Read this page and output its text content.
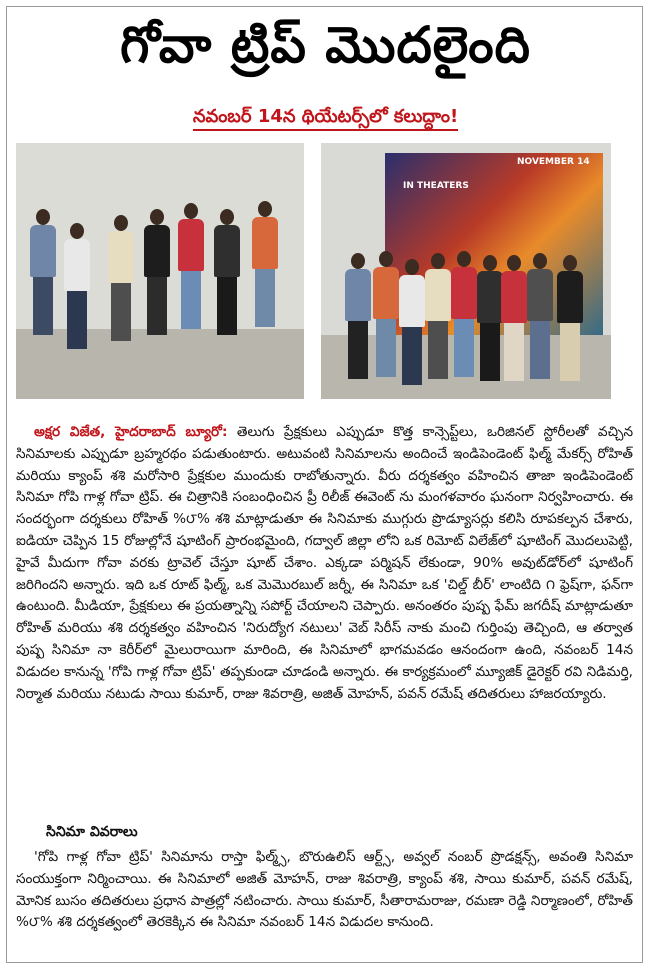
గోవా ట్రిప్ మొదలైంది
నవంబర్ 14న థియేటర్స్‌లో కలుద్దాం!
IN THEATERS
NOVEMBER 14

అక్షర విజేత, హైదరాబాద్ బ్యూరో: తెలుగు ప్రేక్షకులు ఎప్పుడూ కొత్త కాన్సెప్ట్‌లు, ఒరిజినల్ స్టోరీలతో వచ్చిన సినిమాలకు ఎప్పుడూ బ్రహ్మరథం పడుతుంటారు. అటువంటి సినిమాలను అందించే ఇండిపెండెంట్ ఫిల్మ్ మేకర్స్ రోహిత్ మరియు క్యాంప్ శశి మరోసారి ప్రేక్షకుల ముందుకు రాబోతున్నారు. వీరు దర్శకత్వం వహించిన తాజా ఇండిపెండెంట్ సినిమా గోపి గాళ్ల గోవా ట్రిప్. ఈ చిత్రానికి సంబంధించిన ప్రీ రిలీజ్ ఈవెంట్ ను మంగళవారం ఘనంగా నిర్వహించారు. ఈ సందర్భంగా దర్శకులు రోహిత్ %౮% శశి మాట్లాడుతూ ఈ సినిమాకు ముగ్గురు ప్రొడ్యూసర్లు కలిసి రూపకల్పన చేశారు, ఐడియా చెప్పిన 15 రోజుల్లోనే షూటింగ్ ప్రారంభమైంది, గద్వాల్ జిల్లా లోని ఒక రిమోట్ విలేజ్‌లో షూటింగ్ మొదలుపెట్టి, హైవే మీదుగా గోవా వరకు ట్రావెల్ చేస్తూ షూట్ చేశాం. ఎక్కడా పర్మిషన్ లేకుండా, 90% అవుట్‌డోర్‌లో షూటింగ్ జరిగిందని అన్నారు. ఇది ఒక రూట్ ఫిల్మ్, ఒక మెమొరబుల్ జర్నీ, ఈ సినిమా ఒక 'చిల్డ్ బీర్' లాంటిది ౧ ఫ్రెష్‌గా, ఫన్‌గా ఉంటుంది. మీడియా, ప్రేక్షకులు ఈ ప్రయత్నాన్ని సపోర్ట్ చేయాలని చెప్పారు. అనంతరం పుష్ప ఫేమ్ జగదీష్ మాట్లాడుతూ రోహిత్ మరియు శశి దర్శకత్వం వహించిన 'నిరుద్యోగ నటులు' వెబ్ సిరీస్ నాకు మంచి గుర్తింపు తెచ్చింది, ఆ తర్వాత పుష్ప సినిమా నా కెరీర్‌లో మైలురాయిగా మారింది, ఈ సినిమాలో భాగమవడం ఆనందంగా ఉంది, నవంబర్ 14న విడుదల కానున్న 'గోపి గాళ్ల గోవా ట్రిప్' తప్పకుండా చూడండి అన్నారు. ఈ కార్యక్రమంలో మ్యూజిక్ డైరెక్టర్ రవి నిడిమర్తి, నిర్మాత మరియు నటుడు సాయి కుమార్, రాజు శివరాత్రి, అజిత్ మోహన్, పవన్ రమేష్ తదితరులు హాజరయ్యారు.

సినిమా వివరాలు

'గోపి గాళ్ల గోవా ట్రిప్' సినిమాను రాస్తా ఫిల్మ్స్, బొరుఉలిస్ ఆర్ట్స్, అవ్వల్ నంబర్ ప్రొడక్షన్స్, అవంతి సినిమా సంయుక్తంగా నిర్మించాయి. ఈ సినిమాలో అజిత్ మోహన్, రాజు శివరాత్రి, క్యాంప్ శశి, సాయి కుమార్, పవన్ రమేష్, మోనిక బుసం తదితరులు ప్రధాన పాత్రల్లో నటించారు. సాయి కుమార్, సీతారామరాజు, రమణా రెడ్డి నిర్మాణంలో, రోహిత్ %౮% శశి దర్శకత్వంలో తెరకెక్కిన ఈ సినిమా నవంబర్ 14న విడుదల కానుంది.
